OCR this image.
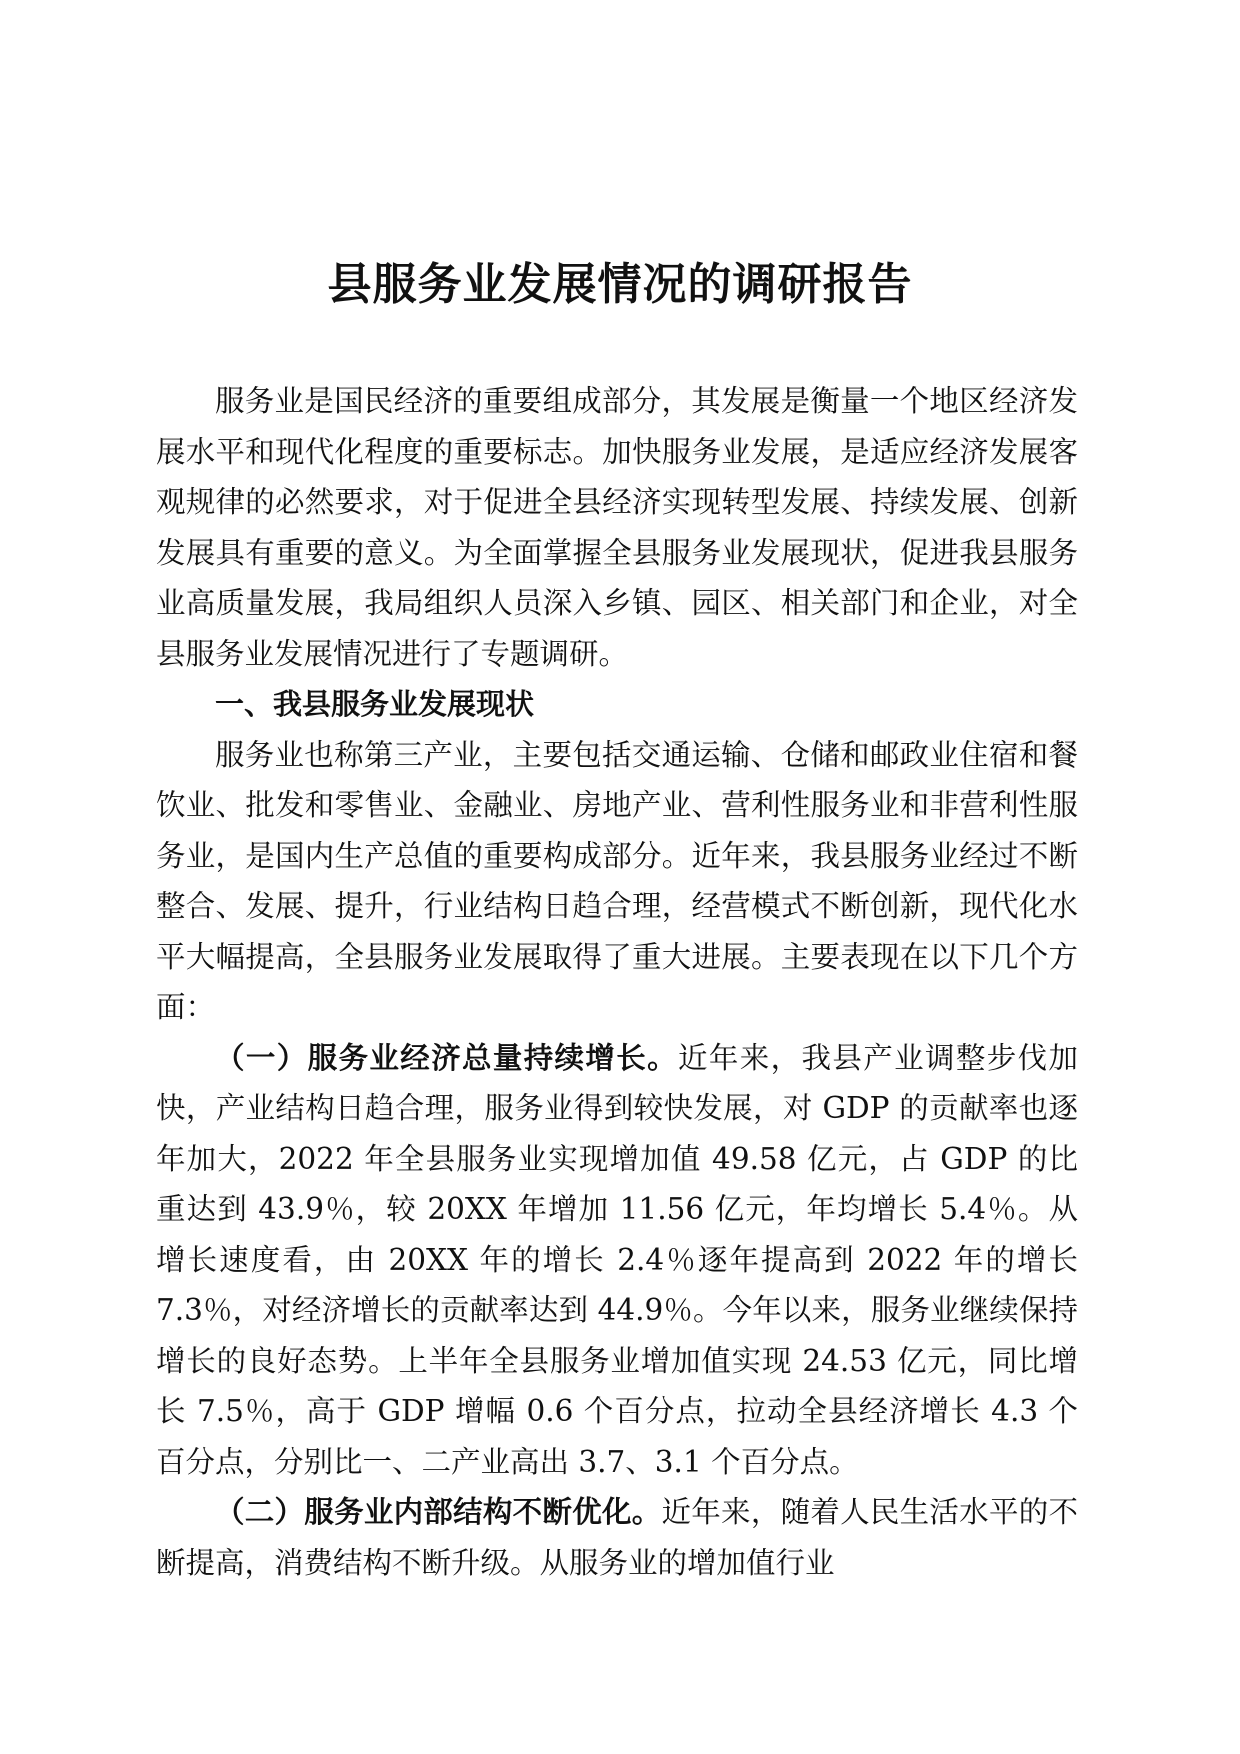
县服务业发展情况的调研报告

服务业是国民经济的重要组成部分，其发展是衡量一个地区经济发展水平和现代化程度的重要标志。加快服务业发展，是适应经济发展客观规律的必然要求，对于促进全县经济实现转型发展、持续发展、创新发展具有重要的意义。为全面掌握全县服务业发展现状，促进我县服务业高质量发展，我局组织人员深入乡镇、园区、相关部门和企业，对全县服务业发展情况进行了专题调研。

一、我县服务业发展现状

服务业也称第三产业，主要包括交通运输、仓储和邮政业住宿和餐饮业、批发和零售业、金融业、房地产业、营利性服务业和非营利性服务业，是国内生产总值的重要构成部分。近年来，我县服务业经过不断整合、发展、提升，行业结构日趋合理，经营模式不断创新，现代化水平大幅提高，全县服务业发展取得了重大进展。主要表现在以下几个方面：

（一）服务业经济总量持续增长。近年来，我县产业调整步伐加快，产业结构日趋合理，服务业得到较快发展，对 GDP 的贡献率也逐年加大，2022 年全县服务业实现增加值 49.58 亿元，占 GDP 的比重达到 43.9％，较 20XX 年增加 11.56 亿元，年均增长 5.4％。从增长速度看，由 20XX 年的增长 2.4％逐年提高到 2022 年的增长 7.3％，对经济增长的贡献率达到 44.9％。今年以来，服务业继续保持增长的良好态势。上半年全县服务业增加值实现 24.53 亿元，同比增长 7.5％，高于 GDP 增幅 0.6 个百分点，拉动全县经济增长 4.3 个百分点，分别比一、二产业高出 3.7、3.1 个百分点。

（二）服务业内部结构不断优化。近年来，随着人民生活水平的不断提高，消费结构不断升级。从服务业的增加值行业
